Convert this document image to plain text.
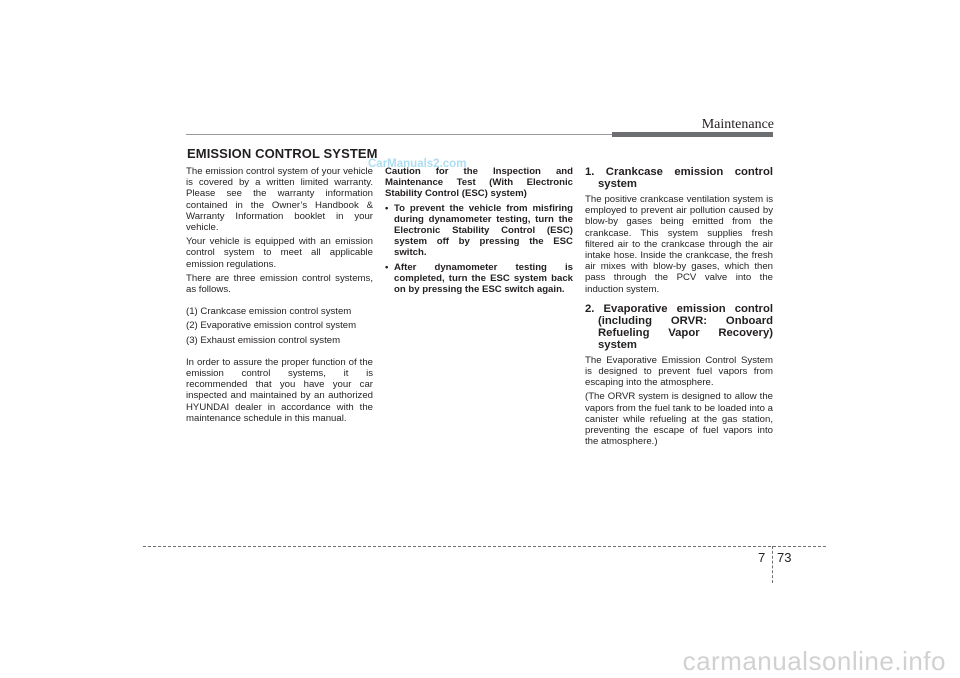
Maintenance
EMISSION CONTROL SYSTEM

The emission control system of your vehicle is covered by a written limited warranty. Please see the warranty information contained in the Owner’s Handbook & Warranty Information booklet in your vehicle.

Your vehicle is equipped with an emission control system to meet all applicable emission regulations.

There are three emission control systems, as follows.

(1) Crankcase emission control system

(2) Evaporative emission control system

(3) Exhaust emission control system

In order to assure the proper function of the emission control systems, it is recommended that you have your car inspected and maintained by an authorized HYUNDAI dealer in accordance with the maintenance schedule in this manual.

Caution for the Inspection and Maintenance Test (With Electronic Stability Control (ESC) system)

• To prevent the vehicle from misfiring during dynamometer testing, turn the Electronic Stability Control (ESC) system off by pressing the ESC switch.
• After dynamometer testing is completed, turn the ESC system back on by pressing the ESC switch again.
1. Crankcase emission control system

The positive crankcase ventilation system is employed to prevent air pollution caused by blow-by gases being emitted from the crankcase. This system supplies fresh filtered air to the crankcase through the air intake hose. Inside the crankcase, the fresh air mixes with blow-by gases, which then pass through the PCV valve into the induction system.

2. Evaporative emission control (including ORVR: Onboard Refueling Vapor Recovery) system

The Evaporative Emission Control System is designed to prevent fuel vapors from escaping into the atmosphere.

(The ORVR system is designed to allow the vapors from the fuel tank to be loaded into a canister while refueling at the gas station, preventing the escape of fuel vapors into the atmosphere.)

CarManuals2.com
7 73
carmanualsonline.info
